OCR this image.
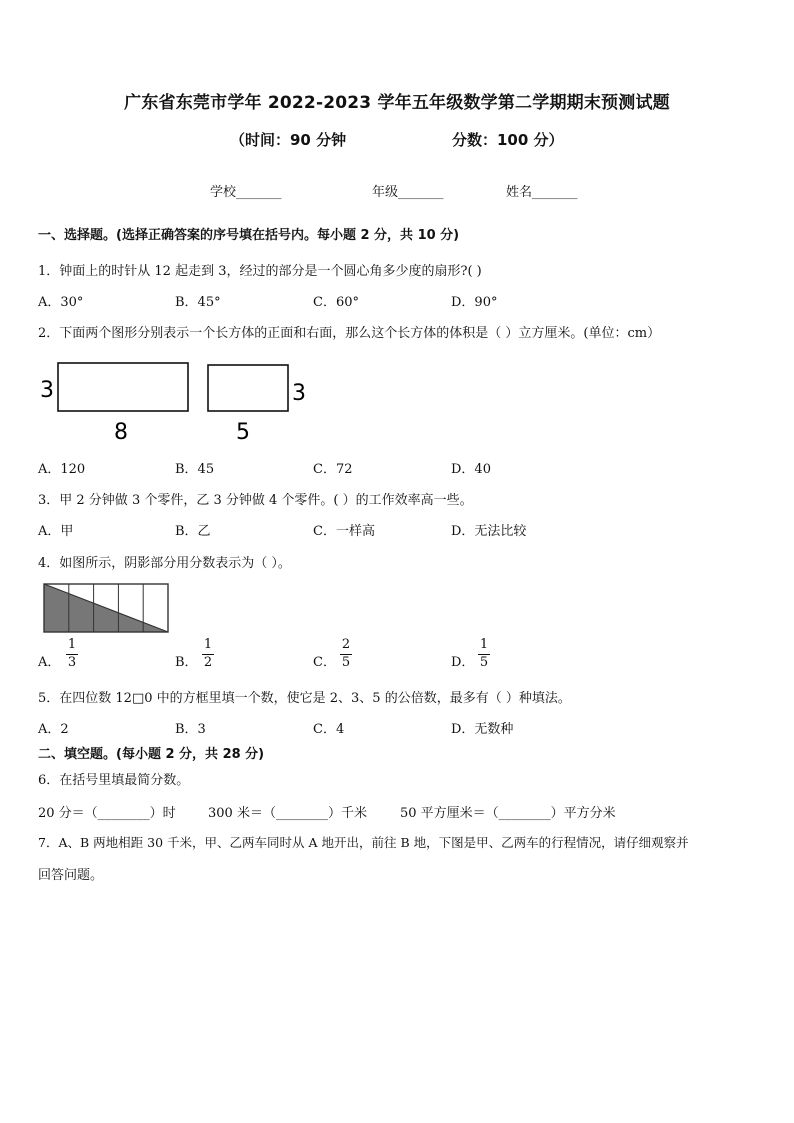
广东省东莞市学年 2022-2023 学年五年级数学第二学期期末预测试题
（时间：90 分钟	分数：100 分）
学校_______	年级_______	姓名_______
一、选择题。(选择正确答案的序号填在括号内。每小题 2 分，共 10 分)
1．钟面上的时针从 12 起走到 3，经过的部分是一个圆心角多少度的扇形?( )
A．30°	B．45°	C．60°	D．90°
2．下面两个图形分别表示一个长方体的正面和右面，那么这个长方体的体积是（ ）立方厘米。(单位：cm）
3
8
3
5
A．120	B．45	C．72	D．40
3．甲 2 分钟做 3 个零件，乙 3 分钟做 4 个零件。( ）的工作效率高一些。
A．甲	B．乙	C．一样高	D．无法比较
4．如图所示，阴影部分用分数表示为（ ）。
A．
1
3	B．
1
2	C．
2
5	D．
1
5
5．在四位数 12□0 中的方框里填一个数，使它是 2、3、5 的公倍数，最多有（ ）种填法。
A．2	B．3	C．4	D．无数种
二、填空题。(每小题 2 分，共 28 分)
6．在括号里填最简分数。
20 分＝（________）时 300 米＝（________）千米	50 平方厘米＝（________）平方分米
7．A、B 两地相距 30 千米，甲、乙两车同时从 A 地开出，前往 B 地，下图是甲、乙两车的行程情况，请仔细观察并
回答问题。
